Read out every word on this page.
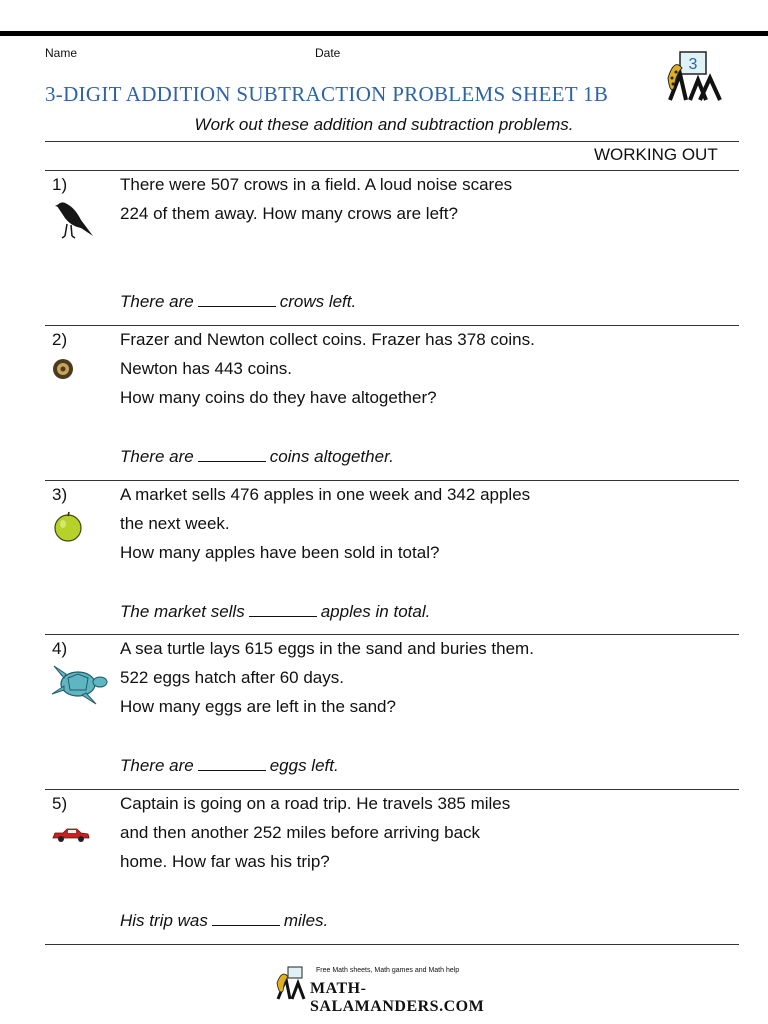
Name	Date
3
3-DIGIT ADDITION SUBTRACTION PROBLEMS SHEET 1B
Work out these addition and subtraction problems.
WORKING OUT
1)	There were 507 crows in a field. A loud noise scares
224 of them away. How many crows are left?
There are	crows left.
2)	Frazer and Newton collect coins. Frazer has 378 coins.
Newton has 443 coins.
How many coins do they have altogether?
There are	coins altogether.
3)	A market sells 476 apples in one week and 342 apples
the next week.
How many apples have been sold in total?
The market sells	apples in total.
4)	A sea turtle lays 615 eggs in the sand and buries them.
522 eggs hatch after 60 days.
How many eggs are left in the sand?
There are	eggs left.
5)	Captain is going on a road trip. He travels 385 miles
and then another 252 miles before arriving back
home. How far was his trip?
His trip was	miles.
Free Math sheets, Math games and Math help
MATH-SALAMANDERS.COM
